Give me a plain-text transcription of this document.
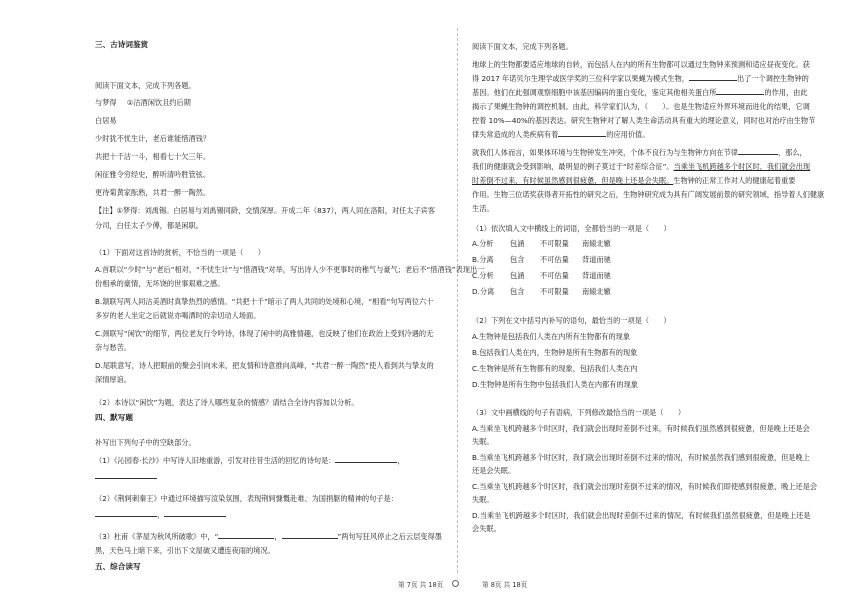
三、古诗词鉴赏
阅读下面文本，完成下列各题。
与梦得 ①沽酒闲饮且约后期
白居易
少时犹不忧生计，老后谁能惜酒钱？
共把十千沽一斗，相看七十欠三年。
闲征雅令穷经史，醉听清吟胜管弦。
更待菊黄家酝熟，共君一醉一陶然。
【注】①梦得：刘禹锡。白居易与刘禹锡同龄，交情深厚。开成二年（837），两人同在洛阳，对任太子宾客
分司，白任太子少傅，都是闲职。
（1）下面对这首诗的赏析，不恰当的一项是（　　）
A.首联以“少时”与“老后”相对，“不忧生计”与“惜酒钱”对举，写出诗人少不更事时的稚气与豪气；老后不“惜酒钱”表现出一
份相承的豪情，无坏饶的世事艰难之感。
B.颔联写两人同沽美酒时真挚热烈的感情。“共把十千”暗示了两人共同的处境和心境，“相看”句写两位六十
多岁的老人坐定之后就说亦喝洒时的亲切动人场面。
C.颈联写“闲饮”的细节，两位老友行令吟诗，体现了闲中的高雅情趣，也反映了他们在政治上受到冷遇的无
奈与愁苦。
D.尾联意写，诗人把眼前的聚会引向未来，把友情和诗意推向高峰，“共君一醉一陶然”使人看到共与挚友的
深情厚谊。
（2）本诗以“闲饮”为题，表达了诗人哪些复杂的情感？请结合全诗内容加以分析。
四、默写题
补写出下列句子中的空缺部分。
（1）《沁园春·长沙》中写诗人旧地重游，引发对往昔生活的回忆的诗句是：	，
（2）《荆轲刺秦王》中通过环境描写渲染氛围，表现荆轲慷慨赴难、为国捐躯的精神的句子是：
，
（3）杜甫《茅屋为秋风所破歌》中，“	，	”两句写狂风停止之后云层变得墨
黑，天色马上暗下来，引出下文屋破又遭连夜雨的境况。
五、综合读写
第 7页 共 18页
阅读下面文本，完成下列各题。
地球上的生物都要适应地球的自转，而包括人在内的所有生物都可以通过生物钟来预测和适应昼夜变化。获
得 2017 年诺贝尔生理学或医学奖的三位科学家以果蝇为模式生物，	出了一个调控生物钟的
基因。他们在此强调观察细胞中该基因编码的蛋白变化，鉴定其他相关蛋白所	的作用，由此
揭示了果蝇生物钟的调控机制。由此，科学家们认为，（　　）。也是生物适应外界环境而进化的结果，它调
控着 10%—40%的基因表达。研究生物钟对了解人类生命活动具有重大的理论意义，同时也对治疗由生物节
律失常造成的人类疾病有着	的应用价值。
就我们人体而言，如果体环境与生物钟发生冲突，个体不良行为与生物钟方向在节律	，那么，
我们的健康就会受到影响，最明显的例子莫过于“时差综合征”。当乘坐飞机跨越多个时区时，我们就会出现
时差倒不过来，有时候虽然感到很疲惫，但是晚上还是会失眠。生物钟的正常工作对人的健康起着重要
作用。生物三位诺奖获得者开拓性的研究之后，生物钟研究成为具有广阔发展前景的研究领域，指导着人们健康
生活。
（1）依次填入文中横线上的词语，全都恰当的一项是（　　）
A.分析 包涵 不可限量 南辕北辙
B.分离 包含 不可估量 背道而驰
C.分析 包涵 不可估量 背道而驰
D.分离 包含 不可限量 南辕北辙
（2）下列在文中括号内补写的语句，最恰当的一项是（　　）
A.生物钟是包括我们人类在内所有生物都有的现象
B.包括我们人类在内，生物钟是所有生物都有的现象
C.生物钟是所有生物都有的现象，包括我们人类在内
D.生物钟是所有生物中包括我们人类在内都有的现象
（3）文中画横线的句子有语病，下列修改最恰当的一项是（　　）
A.当乘坐飞机跨越多个时区时，我们就会出现时差倒不过来，有时候我们虽然感到很疲惫，但是晚上还是会
失眠。
B.当乘坐飞机跨越多个时区时，我们就会出现时差倒不过来的情况，有时候虽然我们感到很疲惫，但是晚上
还是会失眠。
C.当乘坐飞机跨越多个时区时，我们就会出现时差倒不过来的情况，有时候我们即使感到很疲惫，晚上还是会
失眠。
D.当乘坐飞机跨越多个时区时，我们就会出现时差倒不过来的情况，有时候我们虽然很疲惫，但是晚上还是
会失眠。
第 8页 共 18页
